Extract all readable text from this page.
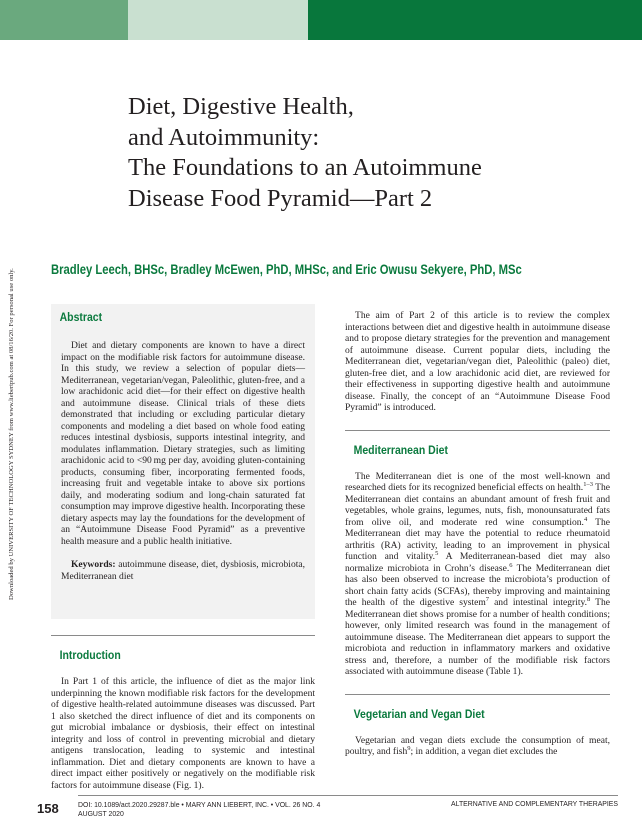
Downloaded by UNIVERSITY OF TECHNOLOGY SYDNEY from www.liebertpub.com at 08/16/20. For personal use only.
Diet, Digestive Health,
and Autoimmunity:
The Foundations to an Autoimmune
Disease Food Pyramid—Part 2
Bradley Leech, BHSc, Bradley McEwen, PhD, MHSc, and Eric Owusu Sekyere, PhD, MSc
Abstract

Diet and dietary components are known to have a direct impact on the modifiable risk factors for autoimmune disease. In this study, we review a selection of popular diets—Mediterranean, vegetarian/vegan, Paleolithic, gluten-free, and a low arachidonic acid diet—for their effect on digestive health and autoimmune disease. Clinical trials of these diets demonstrated that including or excluding particular dietary components and modeling a diet based on whole food eating reduces intestinal dysbiosis, supports intestinal integrity, and modulates inflammation. Dietary strategies, such as limiting arachidonic acid to <90 mg per day, avoiding gluten-containing products, consuming fiber, incorporating fermented foods, increasing fruit and vegetable intake to above six portions daily, and moderating sodium and long-chain saturated fat consumption may improve digestive health. Incorporating these dietary aspects may lay the foundations for the development of an “Autoimmune Disease Food Pyramid” as a preventive health measure and a public health initiative.

Keywords: autoimmune disease, diet, dysbiosis, microbiota, Mediterranean diet

Introduction

In Part 1 of this article, the influence of diet as the major link underpinning the known modifiable risk factors for the development of digestive health-related autoimmune diseases was discussed. Part 1 also sketched the direct influence of diet and its components on gut microbial imbalance or dysbiosis, their effect on intestinal integrity and loss of control in preventing microbial and dietary antigens translocation, leading to systemic and intestinal inflammation. Diet and dietary components are known to have a direct impact either positively or negatively on the modifiable risk factors for autoimmune disease (Fig. 1).

The aim of Part 2 of this article is to review the complex interactions between diet and digestive health in autoimmune disease and to propose dietary strategies for the prevention and management of autoimmune disease. Current popular diets, including the Mediterranean diet, vegetarian/vegan diet, Paleolithic (paleo) diet, gluten-free diet, and a low arachidonic acid diet, are reviewed for their effectiveness in supporting digestive health and autoimmune disease. Finally, the concept of an “Autoimmune Disease Food Pyramid” is introduced.

Mediterranean Diet

The Mediterranean diet is one of the most well-known and researched diets for its recognized beneficial effects on health.$^{1-3}$ The Mediterranean diet contains an abundant amount of fresh fruit and vegetables, whole grains, legumes, nuts, fish, monounsaturated fats from olive oil, and moderate red wine consumption.$^4$ The Mediterranean diet may have the potential to reduce rheumatoid arthritis (RA) activity, leading to an improvement in physical function and vitality.$^5$ A Mediterranean-based diet may also normalize microbiota in Crohn’s disease.$^6$ The Mediterranean diet has also been observed to increase the microbiota’s production of short chain fatty acids (SCFAs), thereby improving and maintaining the health of the digestive system$^7$ and intestinal integrity.$^8$ The Mediterranean diet shows promise for a number of health conditions; however, only limited research was found in the management of autoimmune disease. The Mediterranean diet appears to support the microbiota and reduction in inflammatory markers and oxidative stress and, therefore, a number of the modifiable risk factors associated with autoimmune disease (Table 1).

Vegetarian and Vegan Diet

Vegetarian and vegan diets exclude the consumption of meat, poultry, and fish$^9$; in addition, a vegan diet excludes the

158	DOI: 10.1089/act.2020.29287.ble • MARY ANN LIEBERT, INC. • VOL. 26 NO. 4
AUGUST 2020
ALTERNATIVE AND COMPLEMENTARY THERAPIES
